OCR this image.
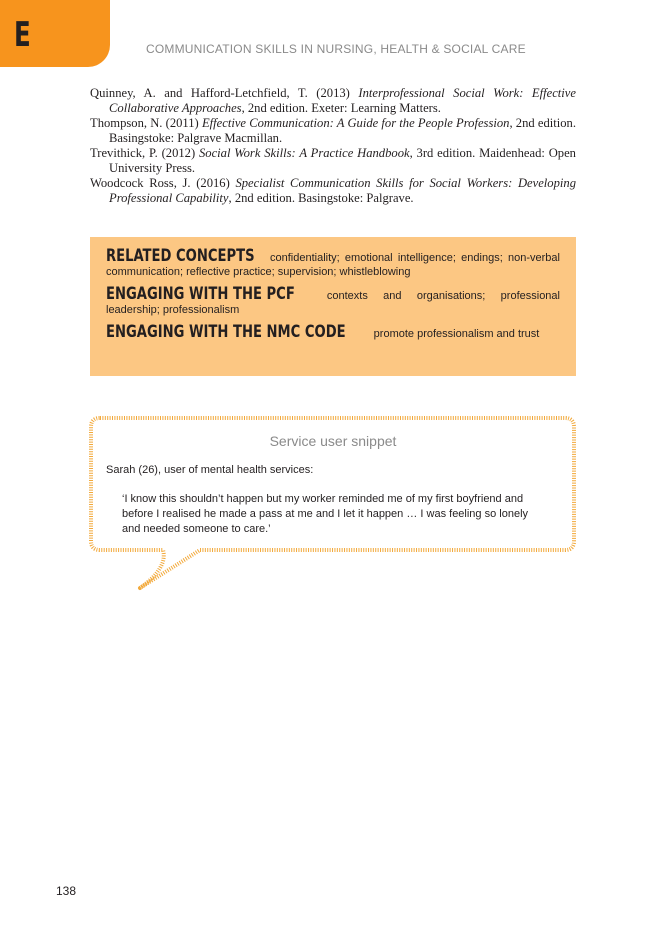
E	COMMUNICATION SKILLS IN NURSING, HEALTH & SOCIAL CARE
Quinney, A. and Hafford-Letchfield, T. (2013) Interprofessional Social Work: Effective Collaborative Approaches, 2nd edition. Exeter: Learning Matters.
Thompson, N. (2011) Effective Communication: A Guide for the People Profession, 2nd edition. Basingstoke: Palgrave Macmillan.
Trevithick, P. (2012) Social Work Skills: A Practice Handbook, 3rd edition. Maidenhead: Open University Press.
Woodcock Ross, J. (2016) Specialist Communication Skills for Social Workers: Developing Professional Capability, 2nd edition. Basingstoke: Palgrave.
RELATED CONCEPTS confidentiality; emotional intelligence; endings; non-verbal communication; reflective practice; supervision; whistleblowing
ENGAGING WITH THE PCF	contexts and organisations; professional leadership; professionalism
ENGAGING WITH THE NMC CODE	promote professionalism and trust
Service user snippet
Sarah (26), user of mental health services:
‘I know this shouldn’t happen but my worker reminded me of my first boyfriend and before I realised he made a pass at me and I let it happen … I was feeling so lonely and needed someone to care.’
138
